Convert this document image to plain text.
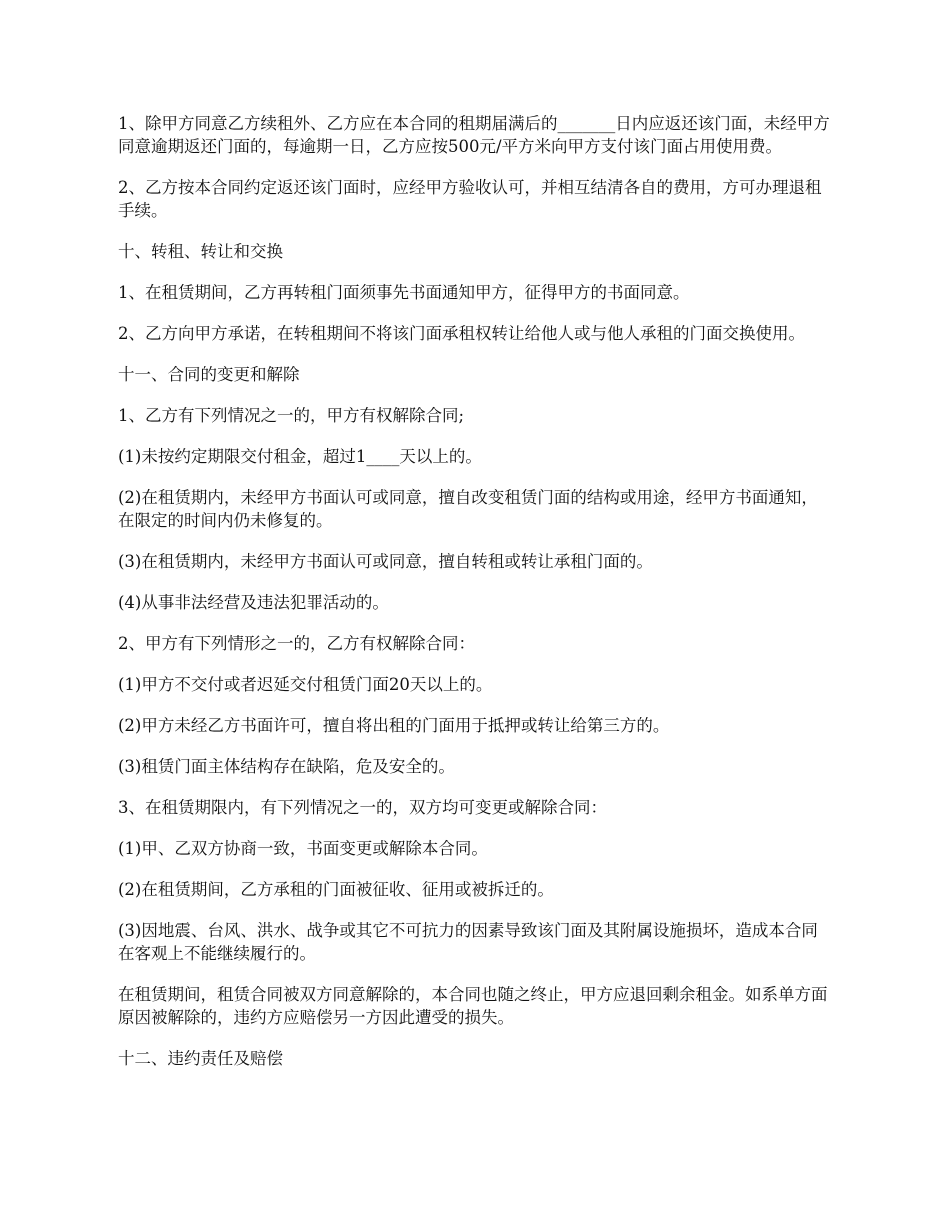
1、除甲方同意乙方续租外、乙方应在本合同的租期届满后的_______日内应返还该门面，未经甲方同意逾期返还门面的，每逾期一日，乙方应按500元/平方米向甲方支付该门面占用使用费。

2、乙方按本合同约定返还该门面时，应经甲方验收认可，并相互结清各自的费用，方可办理退租手续。

十、转租、转让和交换

1、在租赁期间，乙方再转租门面须事先书面通知甲方，征得甲方的书面同意。

2、乙方向甲方承诺，在转租期间不将该门面承租权转让给他人或与他人承租的门面交换使用。

十一、合同的变更和解除

1、乙方有下列情况之一的，甲方有权解除合同;

(1)未按约定期限交付租金，超过1____天以上的。

(2)在租赁期内，未经甲方书面认可或同意，擅自改变租赁门面的结构或用途，经甲方书面通知，在限定的时间内仍未修复的。

(3)在租赁期内，未经甲方书面认可或同意，擅自转租或转让承租门面的。

(4)从事非法经营及违法犯罪活动的。

2、甲方有下列情形之一的，乙方有权解除合同：

(1)甲方不交付或者迟延交付租赁门面20天以上的。

(2)甲方未经乙方书面许可，擅自将出租的门面用于抵押或转让给第三方的。

(3)租赁门面主体结构存在缺陷，危及安全的。

3、在租赁期限内，有下列情况之一的，双方均可变更或解除合同：

(1)甲、乙双方协商一致，书面变更或解除本合同。

(2)在租赁期间，乙方承租的门面被征收、征用或被拆迁的。

(3)因地震、台风、洪水、战争或其它不可抗力的因素导致该门面及其附属设施损坏，造成本合同在客观上不能继续履行的。

在租赁期间，租赁合同被双方同意解除的，本合同也随之终止，甲方应退回剩余租金。如系单方面原因被解除的，违约方应赔偿另一方因此遭受的损失。

十二、违约责任及赔偿
